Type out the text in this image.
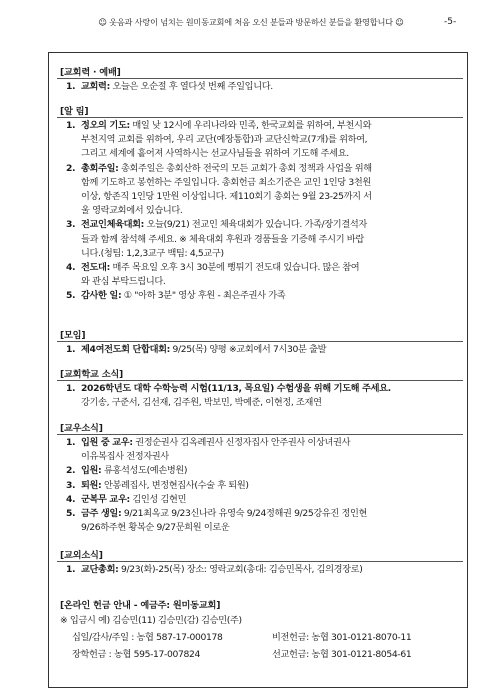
☺ 웃음과 사랑이 넘치는 원미동교회에 처음 오신 분들과 방문하신 분들을 환영합니다 ☺	-5-
[교회력 · 예배]
1. 교회력: 오늘은 오순절 후 열다섯 번째 주일입니다.
[알 림]
1. 정오의 기도: 매일 낮 12시에 우리나라와 민족, 한국교회를 위하여, 부천시와
부천지역 교회를 위하여, 우리 교단(예장통합)과 교단신학교(7개)를 위하여,
그리고 세계에 흩어져 사역하시는 선교사님들을 위하여 기도해 주세요.
2. 총회주일: 총회주일은 총회산하 전국의 모든 교회가 총회 정책과 사업을 위해
함께 기도하고 봉헌하는 주일입니다. 총회헌금 최소기준은 교인 1인당 3천원
이상, 항존직 1인당 1만원 이상입니다. 제110회기 총회는 9월 23-25까지 서
울 영락교회에서 있습니다.
3. 전교인체육대회: 오늘(9/21) 전교인 체육대회가 있습니다. 가족/장기결석자
들과 함께 참석해 주세요. ※ 체육대회 후원과 경품들을 기증해 주시기 바랍
니다.(청팀: 1,2,3교구 백팀: 4,5교구)
4. 전도대: 매주 목요일 오후 3시 30분에 뻥튀기 전도대 있습니다. 많은 참여
와 관심 부탁드립니다.
5. 감사한 일: ① "아하 3분" 영상 후원 - 최은주권사 가족
[모임]
1. 제4여전도회 단합대회: 9/25(목) 양평 ※교회에서 7시30분 출발
[교회학교 소식]
1. 2026학년도 대학 수학능력 시험(11/13, 목요일) 수험생을 위해 기도해 주세요.
강기송, 구준서, 김선재, 김주원, 박보민, 박예준, 이현정, 조재연
[교우소식]
1. 입원 중 교우: 권정순권사 김옥례권사 신정자집사 안주권사 이상녀권사
이유복집사 전정자권사
2. 입원: 류홍석성도(예손병원)
3. 퇴원: 안봉례집사, 변정현집사(수술 후 퇴원)
4. 군복무 교우: 김인성 김현민
5. 금주 생일: 9/21최옥교 9/23신나라 유영숙 9/24정해권 9/25강유진 정인현
9/26하주현 황복순 9/27문희원 이로운
[교외소식]
1. 교단총회: 9/23(화)-25(목) 장소: 영락교회(총대: 김승민목사, 김의경장로)
[온라인 헌금 안내 - 예금주: 원미동교회]
※ 입금시 예) 김승민(11) 김승민(감) 김승민(주)
십일/감사/주일 : 농협 587-17-000178	비전헌금: 농협 301-0121-8070-11
장학헌금 : 농협 595-17-007824	선교헌금: 농협 301-0121-8054-61
